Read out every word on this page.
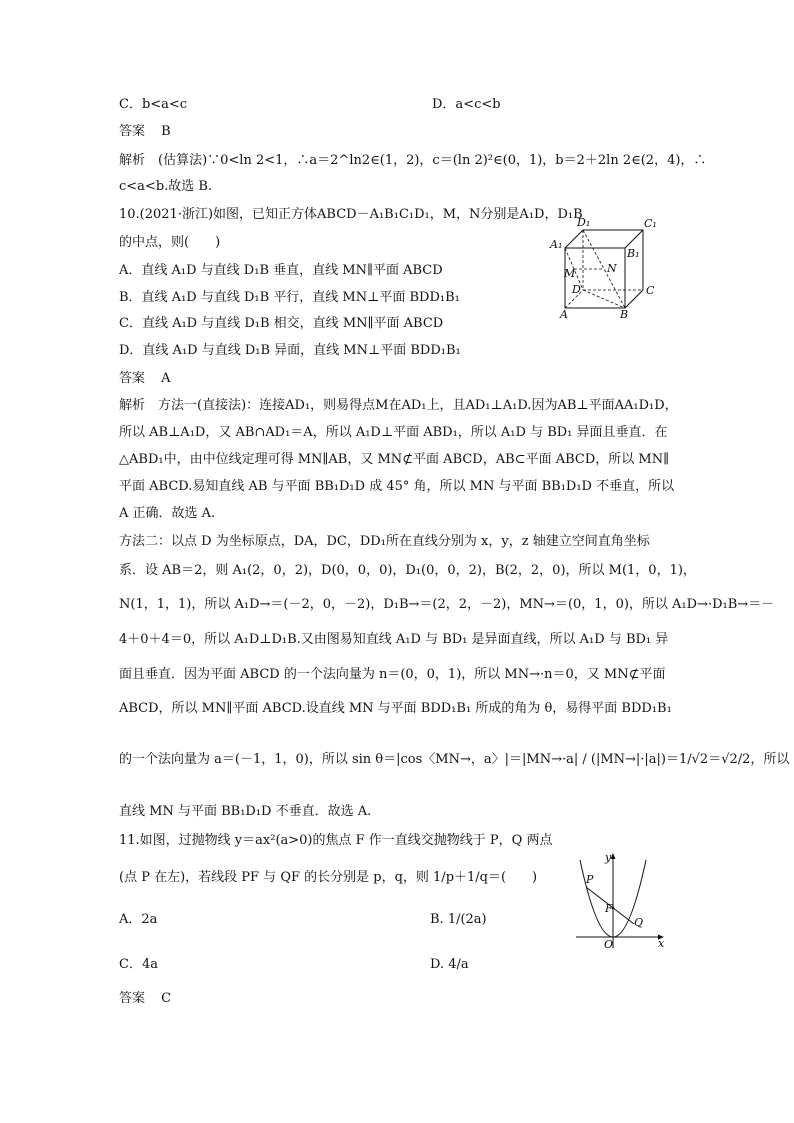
C．b<a<c	D．a<c<b
答案 B
解析　(估算法)∵0<ln 2<1，∴a＝2^ln2∈(1，2)，c＝(ln 2)²∈(0，1)，b＝2＋2ln 2∈(2，4)，∴
c<a<b.故选 B.
10.(2021·浙江)如图，已知正方体ABCD－A₁B₁C₁D₁，M，N分别是A₁D，D₁B
的中点，则(　　)
A．直线 A₁D 与直线 D₁B 垂直，直线 MN∥平面 ABCD
B．直线 A₁D 与直线 D₁B 平行，直线 MN⊥平面 BDD₁B₁
C．直线 A₁D 与直线 D₁B 相交，直线 MN∥平面 ABCD
D．直线 A₁D 与直线 D₁B 异面，直线 MN⊥平面 BDD₁B₁
D₁	C₁
A₁
B₁
M	N
D	C
A	B
答案 A
解析　方法一(直接法)：连接AD₁，则易得点M在AD₁上，且AD₁⊥A₁D.因为AB⊥平面AA₁D₁D，
所以 AB⊥A₁D，又 AB∩AD₁＝A，所以 A₁D⊥平面 ABD₁，所以 A₁D 与 BD₁ 异面且垂直．在
△ABD₁中，由中位线定理可得 MN∥AB，又 MN⊄平面 ABCD，AB⊂平面 ABCD，所以 MN∥
平面 ABCD.易知直线 AB 与平面 BB₁D₁D 成 45° 角，所以 MN 与平面 BB₁D₁D 不垂直，所以
A 正确．故选 A.
方法二：以点 D 为坐标原点，DA，DC，DD₁所在直线分别为 x，y，z 轴建立空间直角坐标
系．设 AB＝2，则 A₁(2，0，2)，D(0，0，0)，D₁(0，0，2)，B(2，2，0)，所以 M(1，0，1)，
N(1，1，1)，所以 A₁D→＝(－2，0，－2)，D₁B→＝(2，2，－2)，MN→＝(0，1，0)，所以 A₁D→·D₁B→＝－
4＋0＋4＝0，所以 A₁D⊥D₁B.又由图易知直线 A₁D 与 BD₁ 是异面直线，所以 A₁D 与 BD₁ 异
面且垂直．因为平面 ABCD 的一个法向量为 n＝(0，0，1)，所以 MN→·n＝0，又 MN⊄平面
ABCD，所以 MN∥平面 ABCD.设直线 MN 与平面 BDD₁B₁ 所成的角为 θ，易得平面 BDD₁B₁
的一个法向量为 a＝(－1，1，0)，所以 sin θ＝|cos〈MN→，a〉|＝|MN→·a| / (|MN→|·|a|)＝1/√2＝√2/2，所以
直线 MN 与平面 BB₁D₁D 不垂直．故选 A.
11.如图，过抛物线 y＝ax²(a>0)的焦点 F 作一直线交抛物线于 P，Q 两点
(点 P 在左)，若线段 PF 与 QF 的长分别是 p，q，则 1/p＋1/q＝(　　)
A．2a	B. 1/(2a)
C．4a	D. 4/a
y
P
F
Q
O	x
答案 C
